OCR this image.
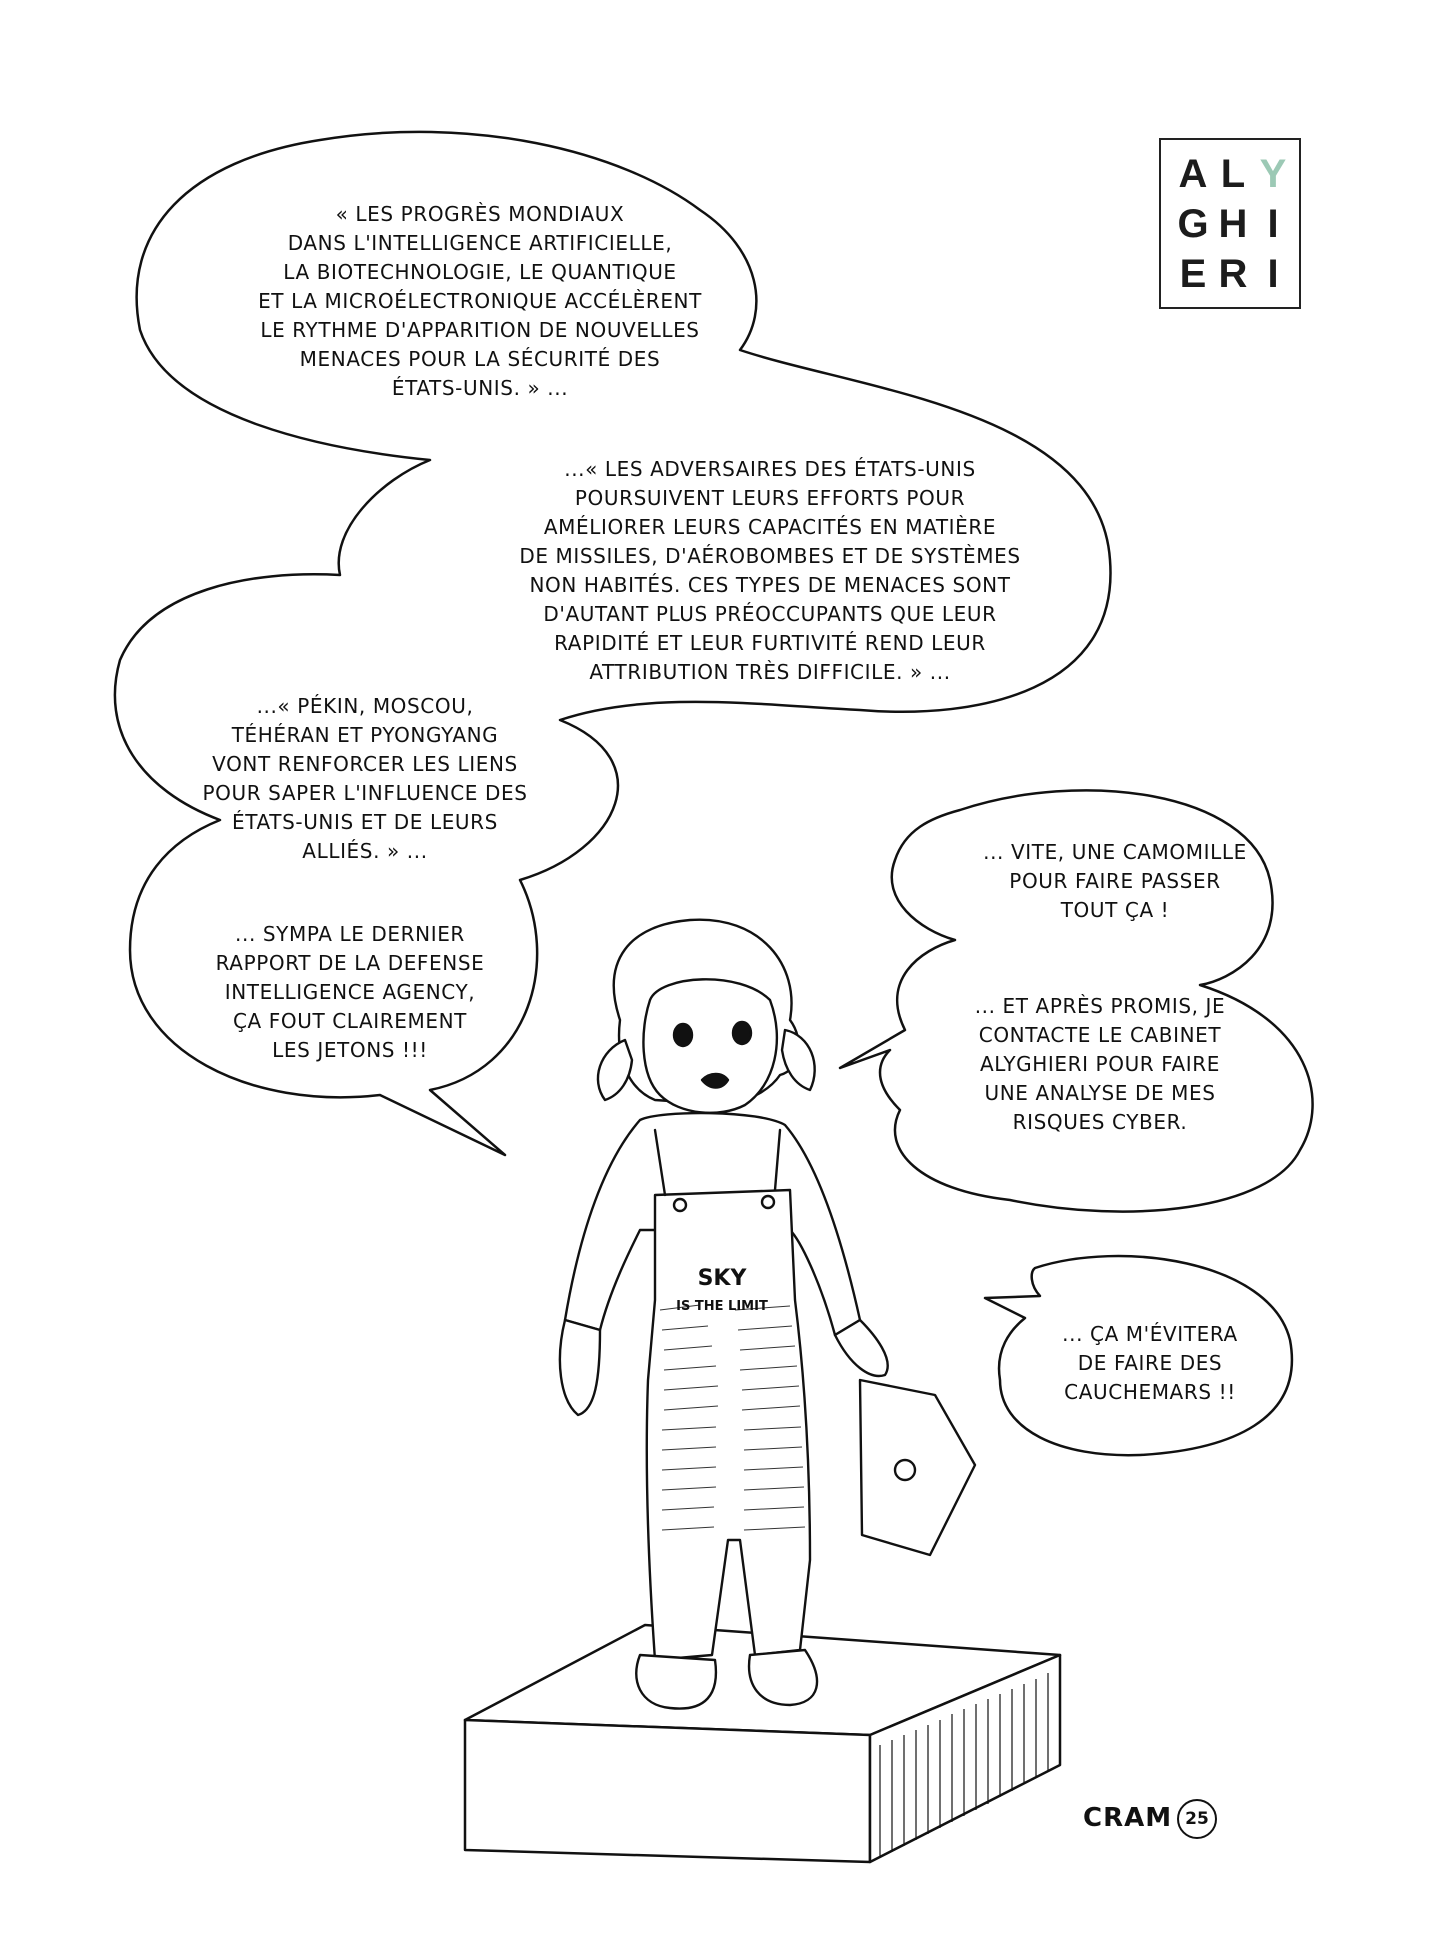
SKY
IS THE LIMIT
« LES PROGRÈS MONDIAUX
DANS L'INTELLIGENCE ARTIFICIELLE,
LA BIOTECHNOLOGIE, LE QUANTIQUE
ET LA MICROÉLECTRONIQUE ACCÉLÈRENT
LE RYTHME D'APPARITION DE NOUVELLES
MENACES POUR LA SÉCURITÉ DES
ÉTATS-UNIS. » ...
...« LES ADVERSAIRES DES ÉTATS-UNIS
POURSUIVENT LEURS EFFORTS POUR
AMÉLIORER LEURS CAPACITÉS EN MATIÈRE
DE MISSILES, D'AÉROBOMBES ET DE SYSTÈMES
NON HABITÉS. CES TYPES DE MENACES SONT
D'AUTANT PLUS PRÉOCCUPANTS QUE LEUR
RAPIDITÉ ET LEUR FURTIVITÉ REND LEUR
ATTRIBUTION TRÈS DIFFICILE. » ...
...« PÉKIN, MOSCOU,
TÉHÉRAN ET PYONGYANG
VONT RENFORCER LES LIENS
POUR SAPER L'INFLUENCE DES
ÉTATS-UNIS ET DE LEURS
ALLIÉS. » ...
... SYMPA LE DERNIER
RAPPORT DE LA DEFENSE
INTELLIGENCE AGENCY,
ÇA FOUT CLAIREMENT
LES JETONS !!!
... VITE, UNE CAMOMILLE
POUR FAIRE PASSER
TOUT ÇA !
... ET APRÈS PROMIS, JE
CONTACTE LE CABINET
ALYGHIERI POUR FAIRE
UNE ANALYSE DE MES
RISQUES CYBER.
... ÇA M'ÉVITERA
DE FAIRE DES
CAUCHEMARS !!
A L Y
G H I
E R I
CRAM 25
